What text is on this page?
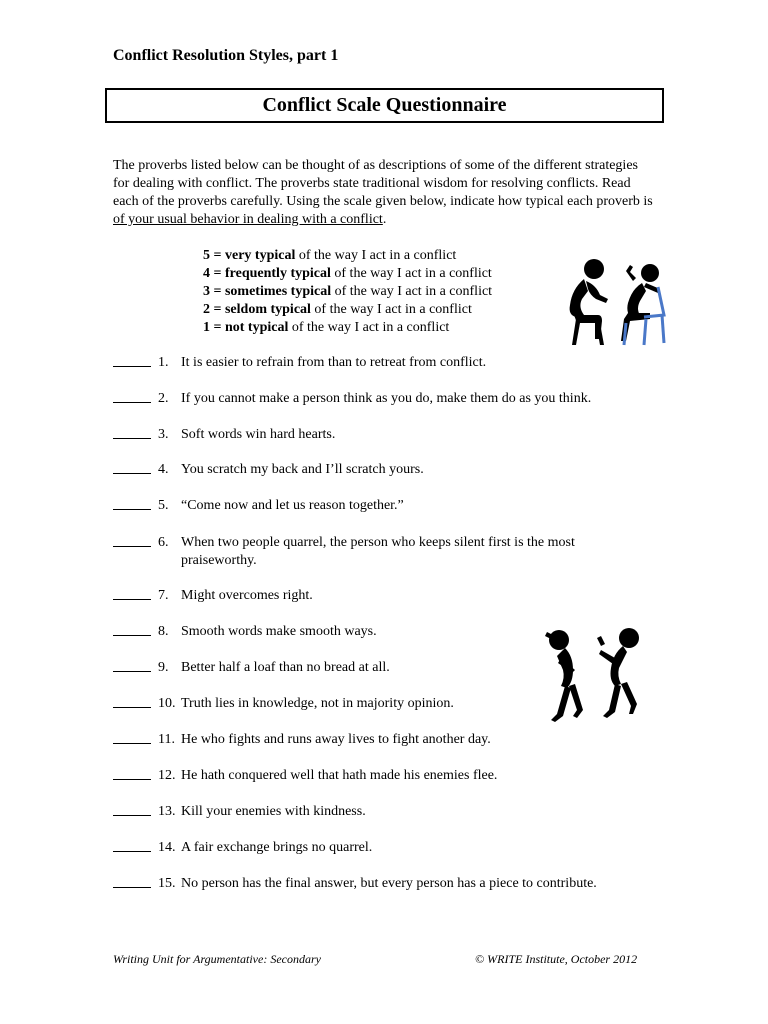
Conflict Resolution Styles, part 1
Conflict Scale Questionnaire
The proverbs listed below can be thought of as descriptions of some of the different strategies for dealing with conflict. The proverbs state traditional wisdom for resolving conflicts. Read each of the proverbs carefully. Using the scale given below, indicate how typical each proverb is of your usual behavior in dealing with a conflict.
5 = very typical of the way I act in a conflict
4 = frequently typical of the way I act in a conflict
3 = sometimes typical of the way I act in a conflict
2 = seldom typical of the way I act in a conflict
1 = not typical of the way I act in a conflict
1. It is easier to refrain from than to retreat from conflict.
2. If you cannot make a person think as you do, make them do as you think.
3. Soft words win hard hearts.
4. You scratch my back and I’ll scratch yours.
5. “Come now and let us reason together.”
6. When two people quarrel, the person who keeps silent first is the most praiseworthy.
7. Might overcomes right.
8. Smooth words make smooth ways.
9. Better half a loaf than no bread at all.
10. Truth lies in knowledge, not in majority opinion.
11. He who fights and runs away lives to fight another day.
12. He hath conquered well that hath made his enemies flee.
13. Kill your enemies with kindness.
14. A fair exchange brings no quarrel.
15. No person has the final answer, but every person has a piece to contribute.
Writing Unit for Argumentative: Secondary	© WRITE Institute, October 2012
